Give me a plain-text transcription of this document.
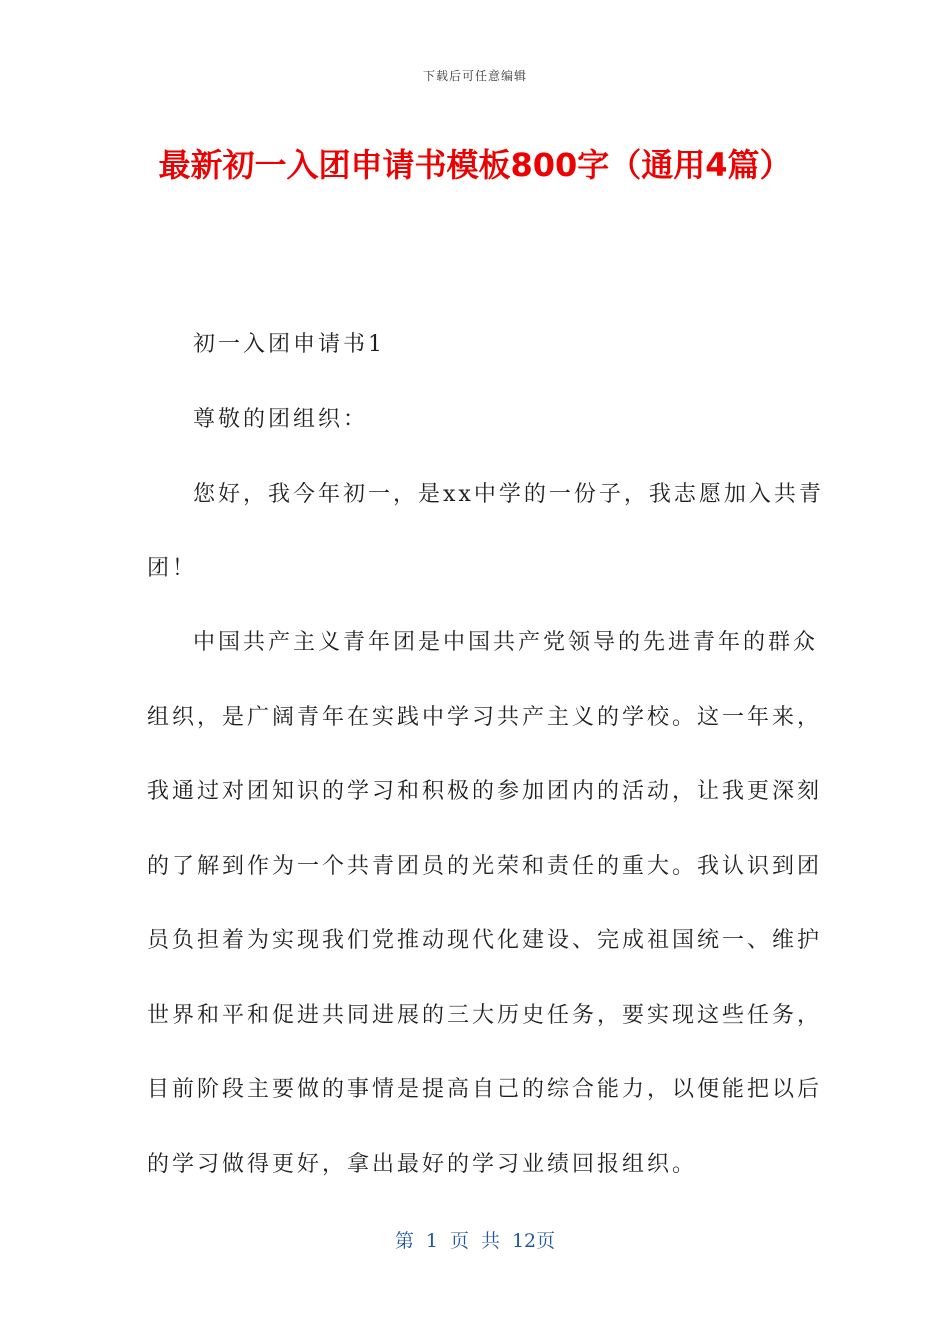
下载后可任意编辑
最新初一入团申请书模板800字（通用4篇）
初一入团申请书1
尊敬的团组织：
您好，我今年初一，是xx中学的一份子，我志愿加入共青
团！
中国共产主义青年团是中国共产党领导的先进青年的群众
组织，是广阔青年在实践中学习共产主义的学校。这一年来，
我通过对团知识的学习和积极的参加团内的活动，让我更深刻
的了解到作为一个共青团员的光荣和责任的重大。我认识到团
员负担着为实现我们党推动现代化建设、完成祖国统一、维护
世界和平和促进共同进展的三大历史任务，要实现这些任务，
目前阶段主要做的事情是提高自己的综合能力，以便能把以后
的学习做得更好，拿出最好的学习业绩回报组织。
第 1 页 共 12页
